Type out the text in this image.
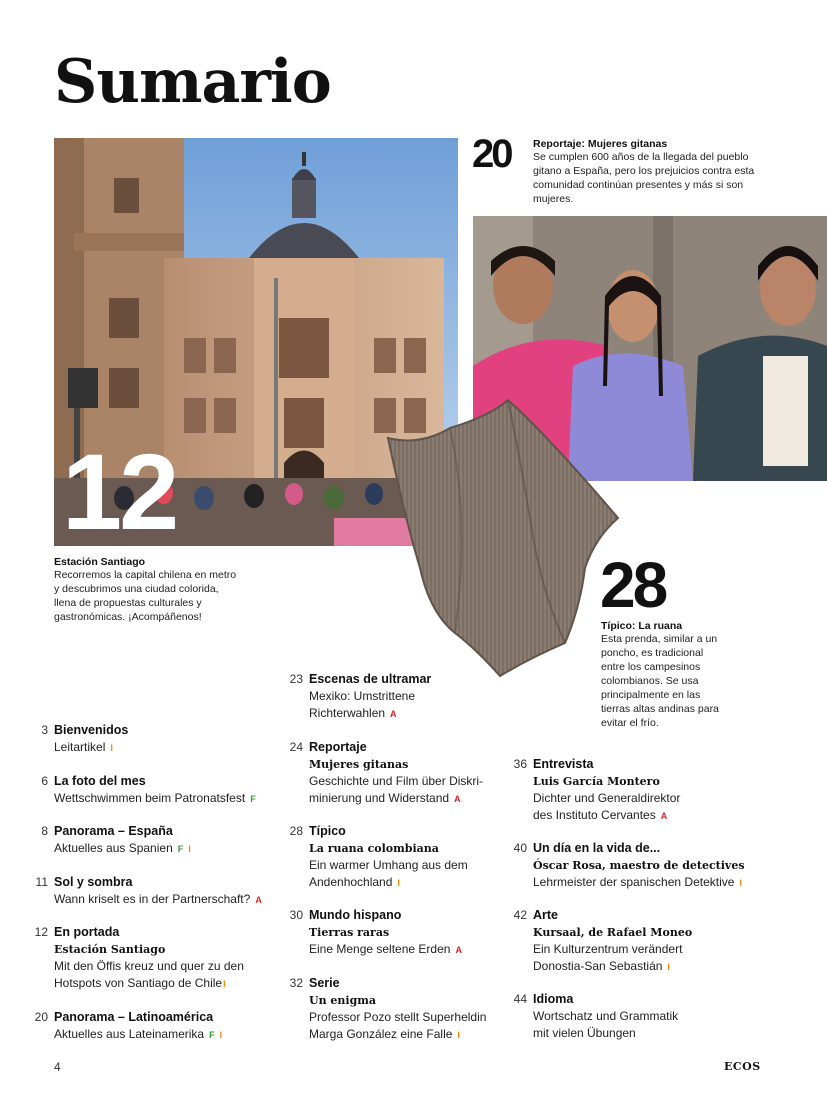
Sumario
12
Estación Santiago
Recorremos la capital chilena en metro
y descubrimos una ciudad colorida,
llena de propuestas culturales y
gastronómicas. ¡Acompáñenos!
20 Reportaje: Mujeres gitanas
Se cumplen 600 años de la llegada del pueblo
gitano a España, pero los prejuicios contra esta
comunidad continúan presentes y más si son
mujeres.
28
Típico: La ruana
Esta prenda, similar a un
poncho, es tradicional
entre los campesinos
colombianos. Se usa
principalmente en las
tierras altas andinas para
evitar el frío.
3 Bienvenidos
Leitartikel I
6 La foto del mes
Wettschwimmen beim Patronatsfest F
8 Panorama – España
Aktuelles aus Spanien F I
11 Sol y sombra
Wann kriselt es in der Partnerschaft? A
12 En portada
Estación Santiago
Mit den Öffis kreuz und quer zu den
Hotspots von Santiago de ChileI
20 Panorama – Latinoamérica
Aktuelles aus Lateinamerika F I
23 Escenas de ultramar
Mexiko: Umstrittene
Richterwahlen A
24 Reportaje
Mujeres gitanas
Geschichte und Film über Diskri-
minierung und Widerstand A
28 Típico
La ruana colombiana
Ein warmer Umhang aus dem
Andenhochland I
30 Mundo hispano
Tierras raras
Eine Menge seltene Erden A
32 Serie
Un enigma
Professor Pozo stellt Superheldin
Marga González eine Falle I
36 Entrevista
Luis García Montero
Dichter und Generaldirektor
des Instituto Cervantes A
40 Un día en la vida de...
Óscar Rosa, maestro de detectives
Lehrmeister der spanischen Detektive I
42 Arte
Kursaal, de Rafael Moneo
Ein Kulturzentrum verändert
Donostia-San Sebastián I
44 Idioma
Wortschatz und Grammatik
mit vielen Übungen
4	ECOS
